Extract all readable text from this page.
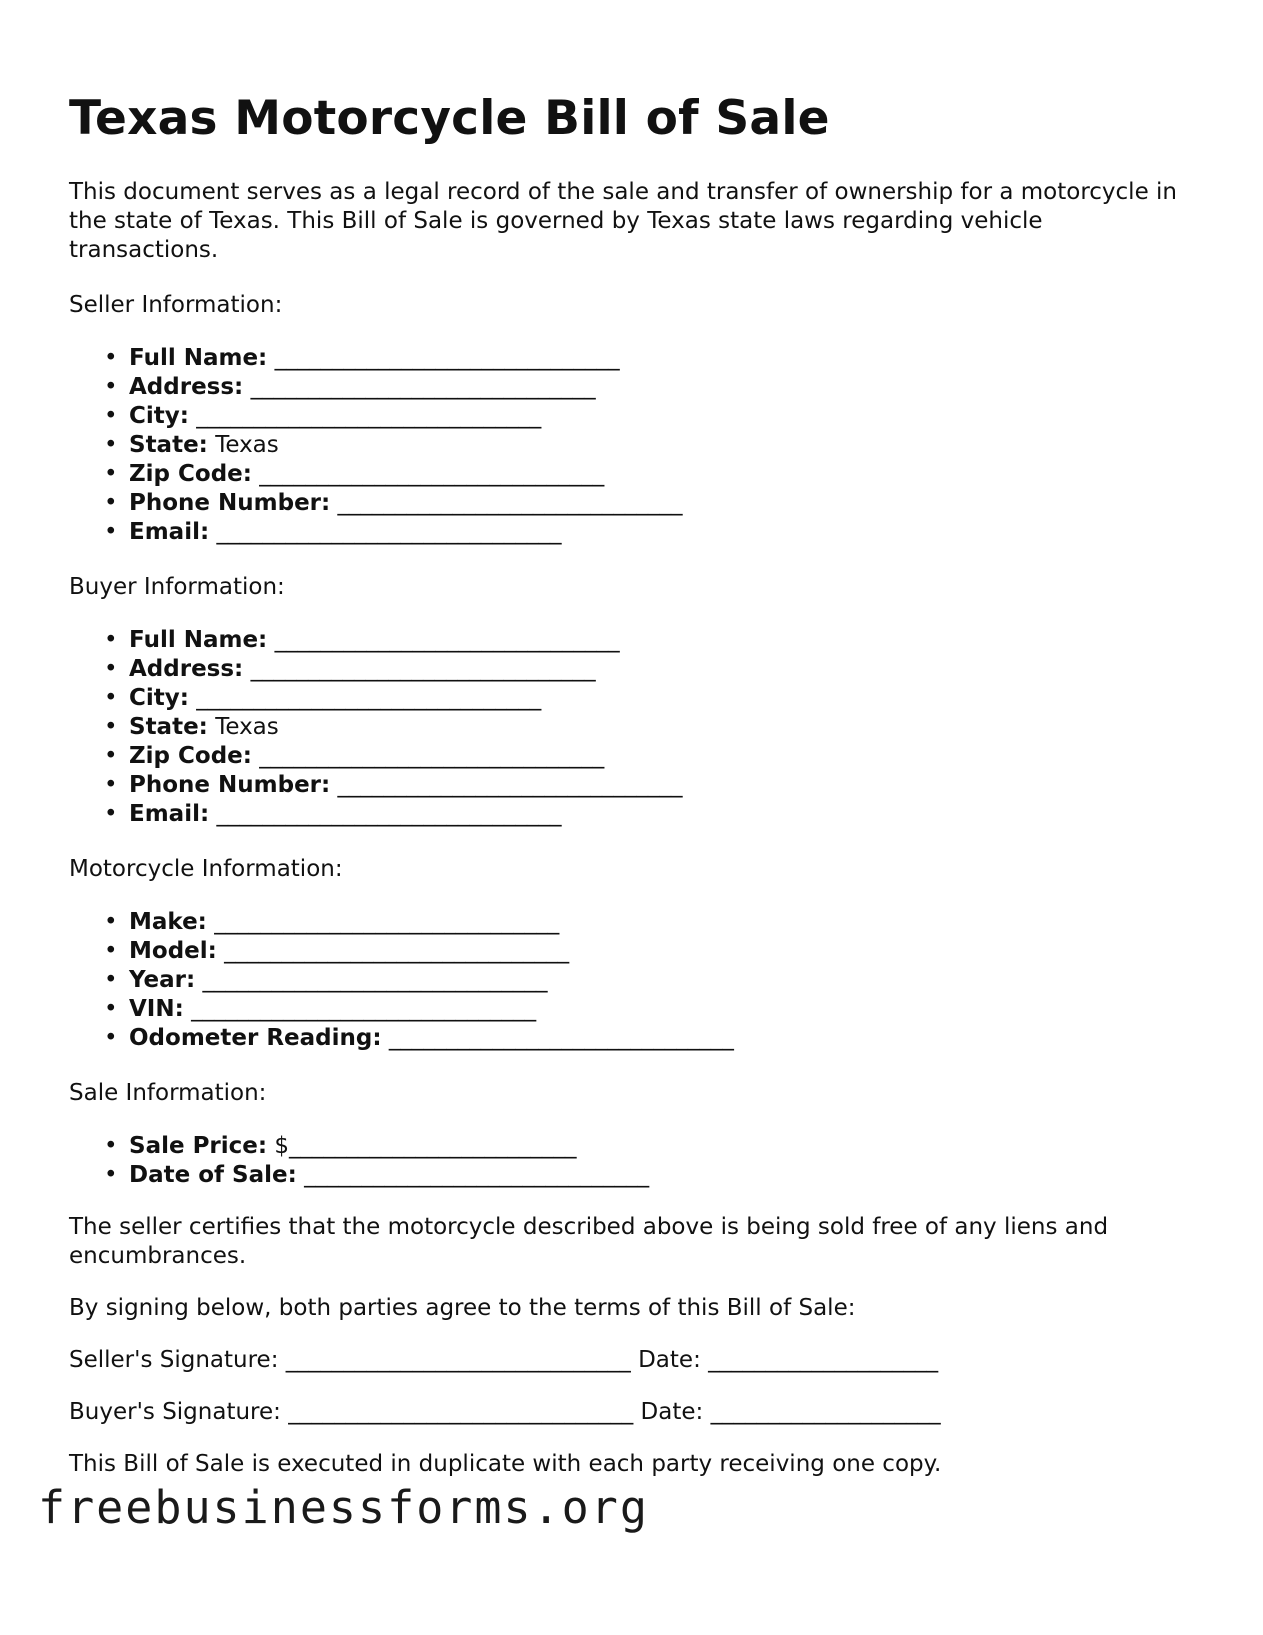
Texas Motorcycle Bill of Sale

This document serves as a legal record of the sale and transfer of ownership for a motorcycle in the state of Texas. This Bill of Sale is governed by Texas state laws regarding vehicle transactions.

Seller Information:

• Full Name: ______________________________
• Address: ______________________________
• City: ______________________________
• State: Texas
• Zip Code: ______________________________
• Phone Number: ______________________________
• Email: ______________________________

Buyer Information:

• Full Name: ______________________________
• Address: ______________________________
• City: ______________________________
• State: Texas
• Zip Code: ______________________________
• Phone Number: ______________________________
• Email: ______________________________

Motorcycle Information:

• Make: ______________________________
• Model: ______________________________
• Year: ______________________________
• VIN: ______________________________
• Odometer Reading: ______________________________

Sale Information:

• Sale Price: $_________________________
• Date of Sale: ______________________________

The seller certifies that the motorcycle described above is being sold free of any liens and encumbrances.

By signing below, both parties agree to the terms of this Bill of Sale:

Seller's Signature: ______________________________ Date: ____________________

Buyer's Signature: ______________________________ Date: ____________________

This Bill of Sale is executed in duplicate with each party receiving one copy.

freebusinessforms.org
